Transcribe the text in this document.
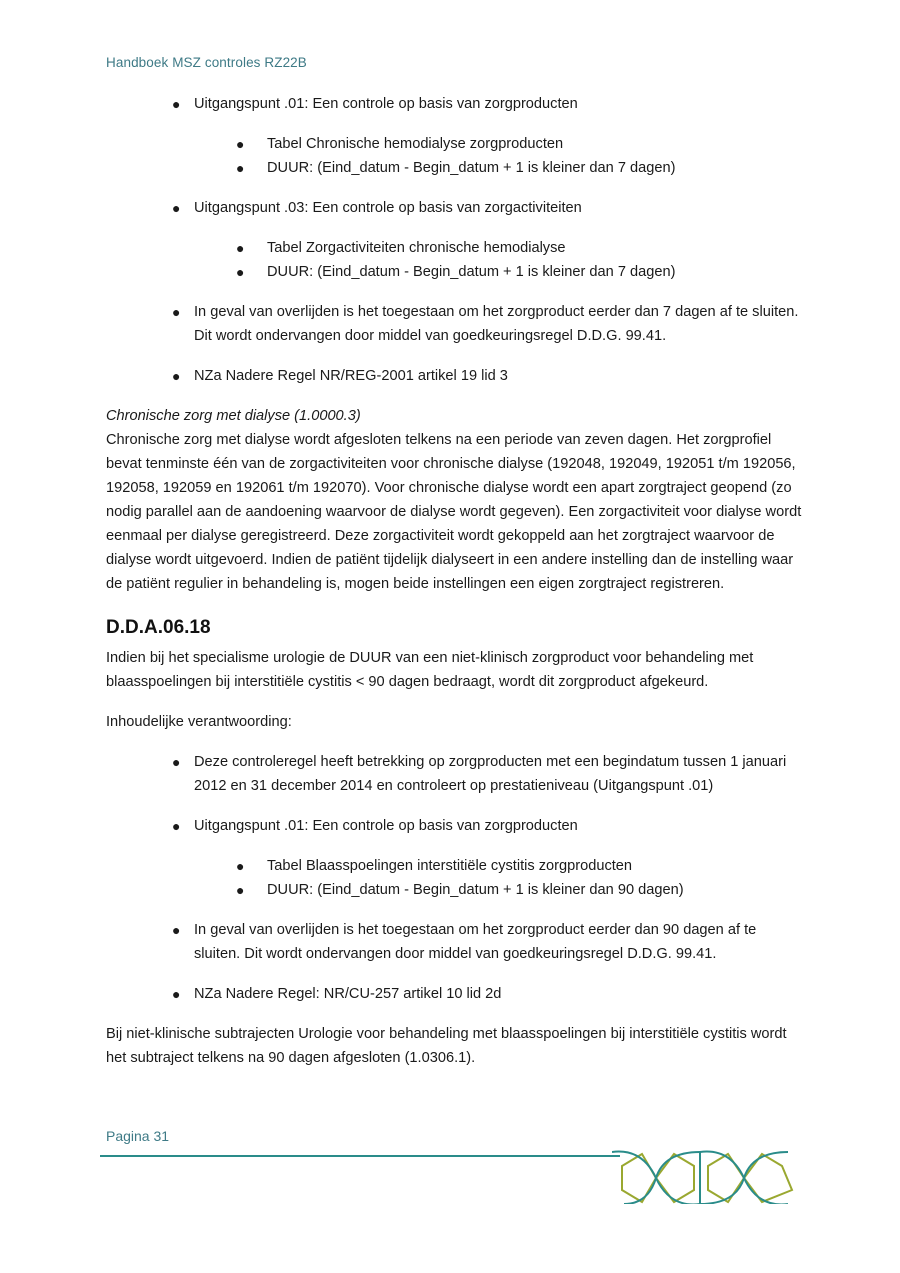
Handboek MSZ controles RZ22B
● Uitgangspunt .01: Een controle op basis van zorgproducten
● Tabel Chronische hemodialyse zorgproducten
● DUUR: (Eind_datum - Begin_datum + 1 is kleiner dan 7 dagen)
● Uitgangspunt .03: Een controle op basis van zorgactiviteiten
● Tabel Zorgactiviteiten chronische hemodialyse
● DUUR: (Eind_datum - Begin_datum + 1 is kleiner dan 7 dagen)
● In geval van overlijden is het toegestaan om het zorgproduct eerder dan 7 dagen af te sluiten. Dit wordt ondervangen door middel van goedkeuringsregel D.D.G. 99.41.
● NZa Nadere Regel NR/REG-2001 artikel 19 lid 3

Chronische zorg met dialyse (1.0000.3)

Chronische zorg met dialyse wordt afgesloten telkens na een periode van zeven dagen. Het zorgprofiel bevat tenminste één van de zorgactiviteiten voor chronische dialyse (192048, 192049, 192051 t/m 192056, 192058, 192059 en 192061 t/m 192070). Voor chronische dialyse wordt een apart zorgtraject geopend (zo nodig parallel aan de aandoening waarvoor de dialyse wordt gegeven). Een zorgactiviteit voor dialyse wordt eenmaal per dialyse geregistreerd. Deze zorgactiviteit wordt gekoppeld aan het zorgtraject waarvoor de dialyse wordt uitgevoerd. Indien de patiënt tijdelijk dialyseert in een andere instelling dan de instelling waar de patiënt regulier in behandeling is, mogen beide instellingen een eigen zorgtraject registreren.

D.D.A.06.18

Indien bij het specialisme urologie de DUUR van een niet-klinisch zorgproduct voor behandeling met blaasspoelingen bij interstitiële cystitis < 90 dagen bedraagt, wordt dit zorgproduct afgekeurd.

Inhoudelijke verantwoording:

● Deze controleregel heeft betrekking op zorgproducten met een begindatum tussen 1 januari 2012 en 31 december 2014 en controleert op prestatieniveau (Uitgangspunt .01)
● Uitgangspunt .01: Een controle op basis van zorgproducten
● Tabel Blaasspoelingen interstitiële cystitis zorgproducten
● DUUR: (Eind_datum - Begin_datum + 1 is kleiner dan 90 dagen)
● In geval van overlijden is het toegestaan om het zorgproduct eerder dan 90 dagen af te sluiten. Dit wordt ondervangen door middel van goedkeuringsregel D.D.G. 99.41.
● NZa Nadere Regel: NR/CU-257 artikel 10 lid 2d

Bij niet-klinische subtrajecten Urologie voor behandeling met blaasspoelingen bij interstitiële cystitis wordt het subtraject telkens na 90 dagen afgesloten (1.0306.1).

Pagina 31
